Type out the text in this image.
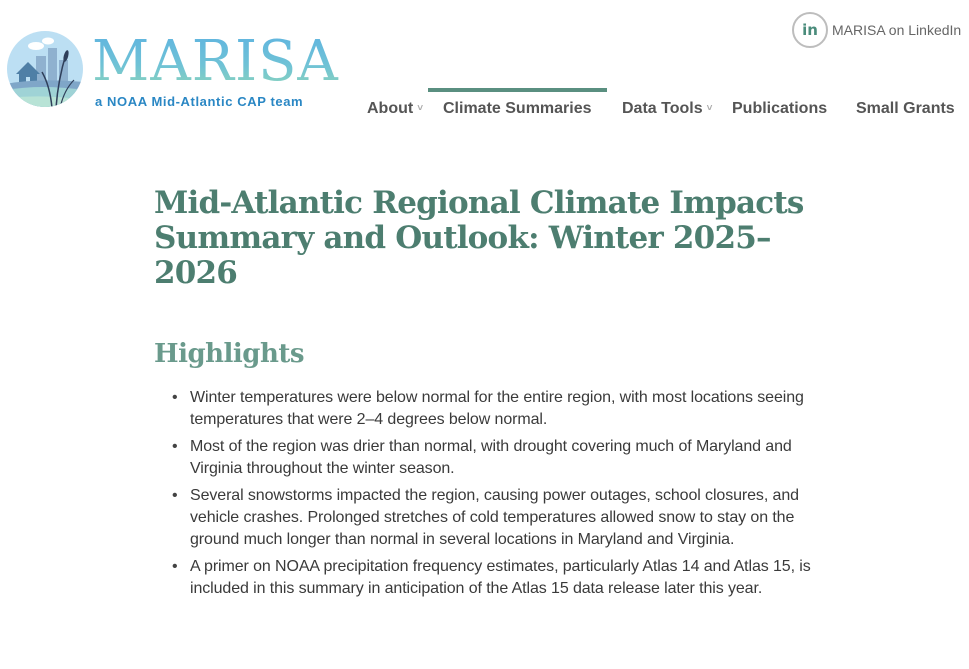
MARISA
a NOAA Mid-Atlantic CAP team
in	MARISA on LinkedIn
About ˅ Climate Summaries Data Tools ˅ Publications Small Grants
Mid-Atlantic Regional Climate Impacts Summary and Outlook: Winter 2025–2026
Highlights
• Winter temperatures were below normal for the entire region, with most locations seeing temperatures that were 2–4 degrees below normal.
• Most of the region was drier than normal, with drought covering much of Maryland and Virginia throughout the winter season.
• Several snowstorms impacted the region, causing power outages, school closures, and vehicle crashes. Prolonged stretches of cold temperatures allowed snow to stay on the ground much longer than normal in several locations in Maryland and Virginia.
• A primer on NOAA precipitation frequency estimates, particularly Atlas 14 and Atlas 15, is included in this summary in anticipation of the Atlas 15 data release later this year.
